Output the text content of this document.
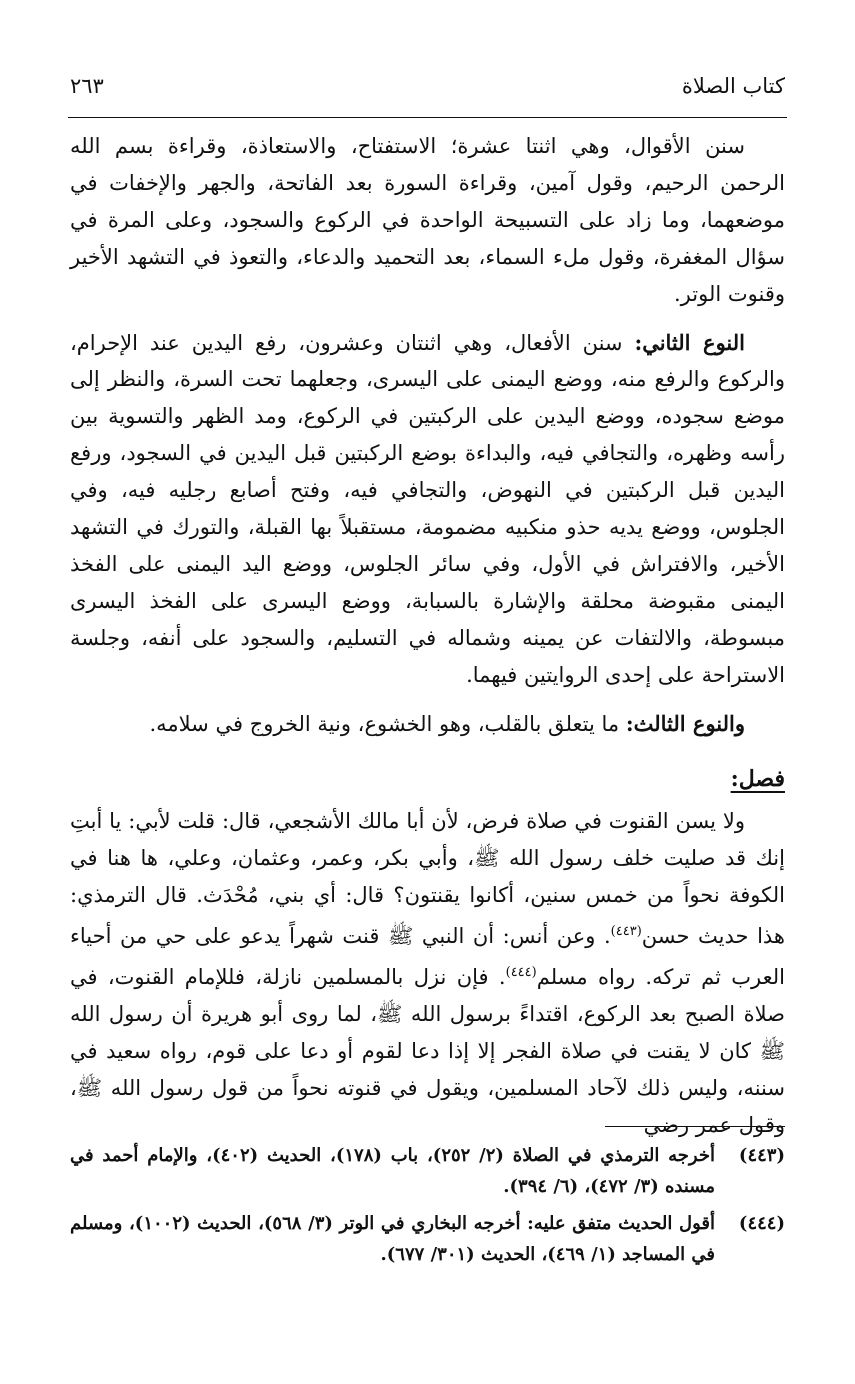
كتاب الصلاة
٢٦٣

سنن الأقوال، وهي اثنتا عشرة؛ الاستفتاح، والاستعاذة، وقراءة بسم الله الرحمن الرحيم، وقول آمين، وقراءة السورة بعد الفاتحة، والجهر والإخفات في موضعهما، وما زاد على التسبيحة الواحدة في الركوع والسجود، وعلى المرة في سؤال المغفرة، وقول ملء السماء، بعد التحميد والدعاء، والتعوذ في التشهد الأخير وقنوت الوتر.

النوع الثاني: سنن الأفعال، وهي اثنتان وعشرون، رفع اليدين عند الإحرام، والركوع والرفع منه، ووضع اليمنى على اليسرى، وجعلهما تحت السرة، والنظر إلى موضع سجوده، ووضع اليدين على الركبتين في الركوع، ومد الظهر والتسوية بين رأسه وظهره، والتجافي فيه، والبداءة بوضع الركبتين قبل اليدين في السجود، ورفع اليدين قبل الركبتين في النهوض، والتجافي فيه، وفتح أصابع رجليه فيه، وفي الجلوس، ووضع يديه حذو منكبيه مضمومة، مستقبلاً بها القبلة، والتورك في التشهد الأخير، والافتراش في الأول، وفي سائر الجلوس، ووضع اليد اليمنى على الفخذ اليمنى مقبوضة محلقة والإشارة بالسبابة، ووضع اليسرى على الفخذ اليسرى مبسوطة، والالتفات عن يمينه وشماله في التسليم، والسجود على أنفه، وجلسة الاستراحة على إحدى الروايتين فيهما.

والنوع الثالث: ما يتعلق بالقلب، وهو الخشوع، ونية الخروج في سلامه.

فصل:

ولا يسن القنوت في صلاة فرض، لأن أبا مالك الأشجعي، قال: قلت لأبي: يا أبتِ إنك قد صليت خلف رسول الله ﷺ، وأبي بكر، وعمر، وعثمان، وعلي، ها هنا في الكوفة نحواً من خمس سنين، أكانوا يقنتون؟ قال: أي بني، مُحْدَث. قال الترمذي: هذا حديث حسن$^{(٤٤٣)}$. وعن أنس: أن النبي ﷺ قنت شهراً يدعو على حي من أحياء العرب ثم تركه. رواه مسلم$^{(٤٤٤)}$. فإن نزل بالمسلمين نازلة، فللإمام القنوت، في صلاة الصبح بعد الركوع، اقتداءً برسول الله ﷺ، لما روى أبو هريرة أن رسول الله ﷺ كان لا يقنت في صلاة الفجر إلا إذا دعا لقوم أو دعا على قوم، رواه سعيد في سننه، وليس ذلك لآحاد المسلمين، ويقول في قنوته نحواً من قول رسول الله ﷺ، وقول عمر رضي

(٤٤٣)
أخرجه الترمذي في الصلاة (٢/ ٢٥٢)، باب (١٧٨)، الحديث (٤٠٢)، والإمام أحمد في مسنده (٣/ ٤٧٢)، (٦/ ٣٩٤).
(٤٤٤)
أقول الحديث متفق عليه: أخرجه البخاري في الوتر (٣/ ٥٦٨)، الحديث (١٠٠٢)، ومسلم في المساجد (١/ ٤٦٩)، الحديث (٣٠١/ ٦٧٧).
